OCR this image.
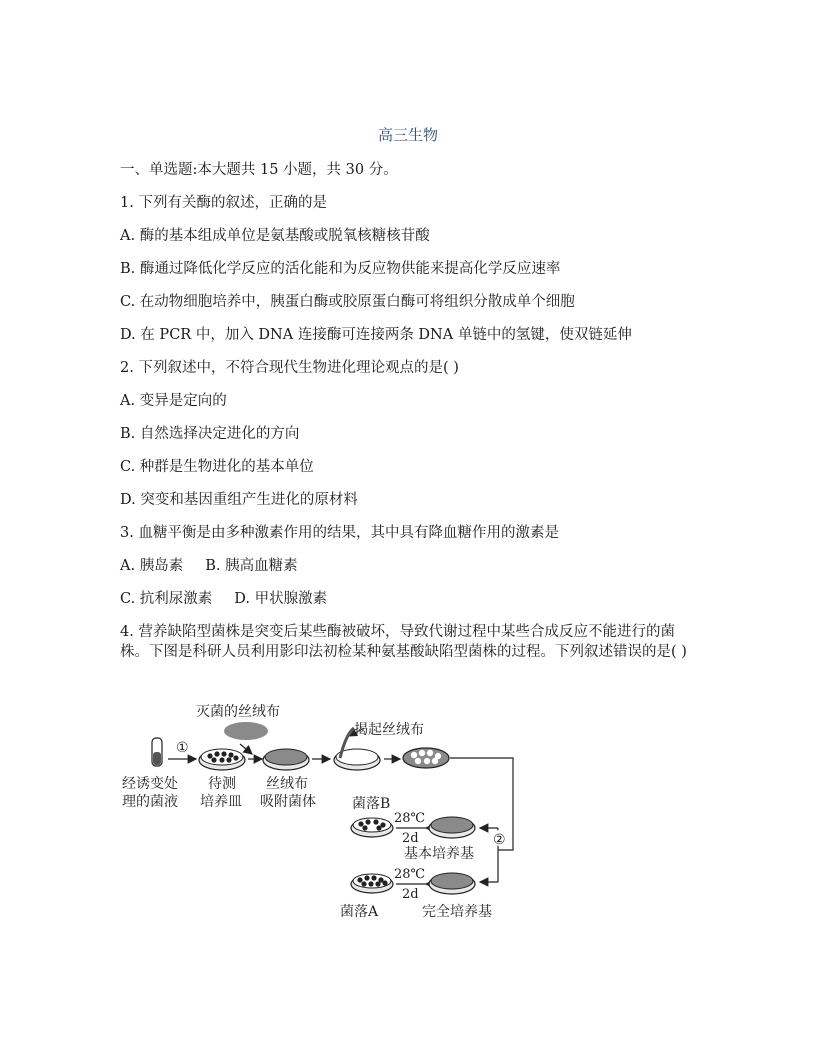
高三生物
一、单选题:本大题共 15 小题，共 30 分。
1. 下列有关酶的叙述，正确的是
A. 酶的基本组成单位是氨基酸或脱氧核糖核苷酸
B. 酶通过降低化学反应的活化能和为反应物供能来提高化学反应速率
C. 在动物细胞培养中，胰蛋白酶或胶原蛋白酶可将组织分散成单个细胞
D. 在 PCR 中，加入 DNA 连接酶可连接两条 DNA 单链中的氢键，使双链延伸
2. 下列叙述中，不符合现代生物进化理论观点的是( )
A. 变异是定向的
B. 自然选择决定进化的方向
C. 种群是生物进化的基本单位
D. 突变和基因重组产生进化的原材料
3. 血糖平衡是由多种激素作用的结果，其中具有降血糖作用的激素是
A. 胰岛素 B. 胰高血糖素
C. 抗利尿激素 D. 甲状腺激素
4. 营养缺陷型菌株是突变后某些酶被破坏，导致代谢过程中某些合成反应不能进行的菌株。下图是科研人员利用影印法初检某种氨基酸缺陷型菌株的过程。下列叙述错误的是( )
灭菌的丝绒布
①
揭起丝绒布
②
经诱变处
理的菌液
待测
培养皿
丝绒布
吸附菌体	菌落B
28℃
2d
基本培养基
28℃
2d
菌落A	完全培养基
